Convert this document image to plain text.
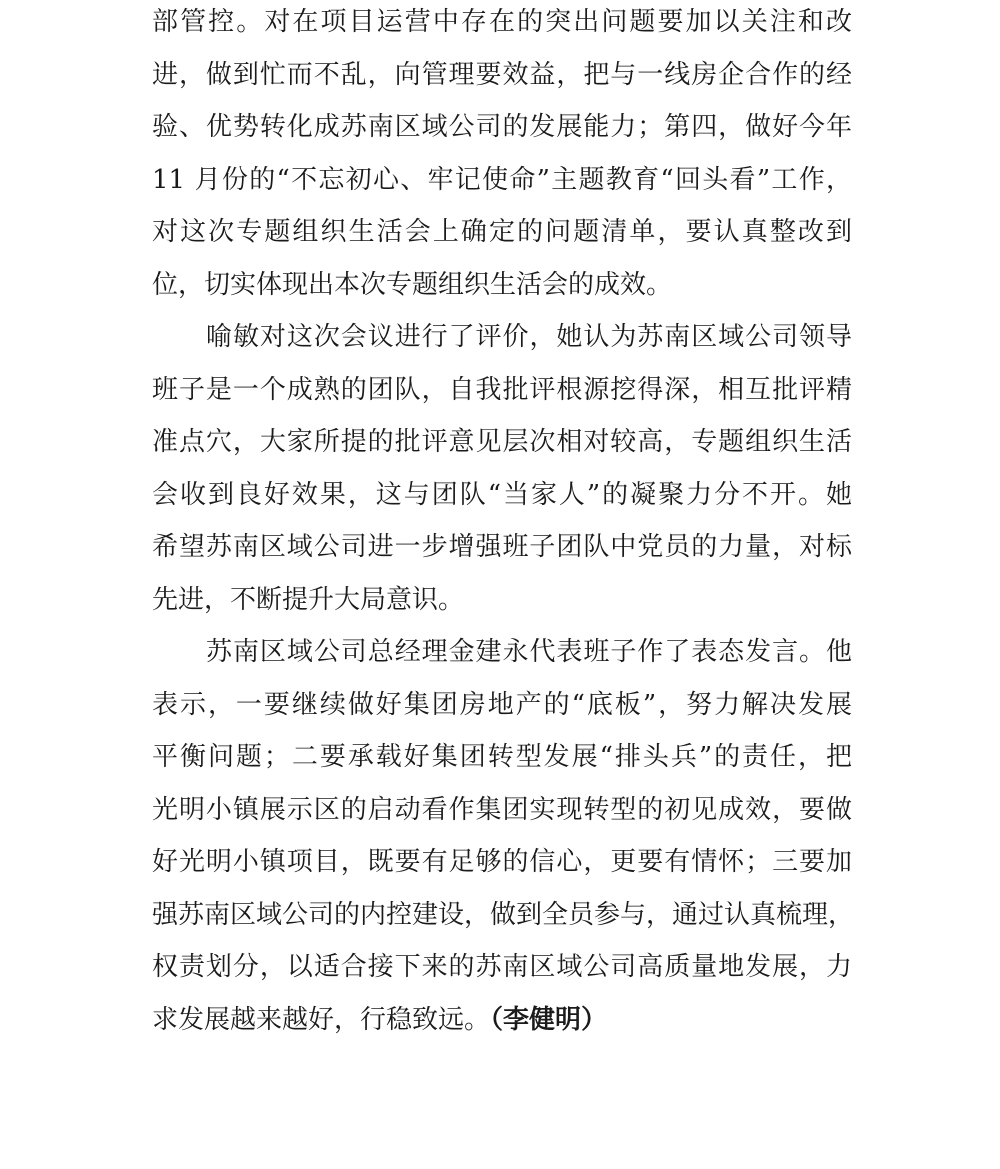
部管控。对在项目运营中存在的突出问题要加以关注和改

进，做到忙而不乱，向管理要效益，把与一线房企合作的经

验、优势转化成苏南区域公司的发展能力；第四，做好今年

11 月份的“不忘初心、牢记使命”主题教育“回头看”工作，

对这次专题组织生活会上确定的问题清单，要认真整改到

位，切实体现出本次专题组织生活会的成效。

喻敏对这次会议进行了评价，她认为苏南区域公司领导

班子是一个成熟的团队，自我批评根源挖得深，相互批评精

准点穴，大家所提的批评意见层次相对较高，专题组织生活

会收到良好效果，这与团队“当家人”的凝聚力分不开。她

希望苏南区域公司进一步增强班子团队中党员的力量，对标

先进，不断提升大局意识。

苏南区域公司总经理金建永代表班子作了表态发言。他

表示，一要继续做好集团房地产的“底板”，努力解决发展

平衡问题；二要承载好集团转型发展“排头兵”的责任，把

光明小镇展示区的启动看作集团实现转型的初见成效，要做

好光明小镇项目，既要有足够的信心，更要有情怀；三要加

强苏南区域公司的内控建设，做到全员参与，通过认真梳理，

权责划分，以适合接下来的苏南区域公司高质量地发展，力

求发展越来越好，行稳致远。（李健明）
